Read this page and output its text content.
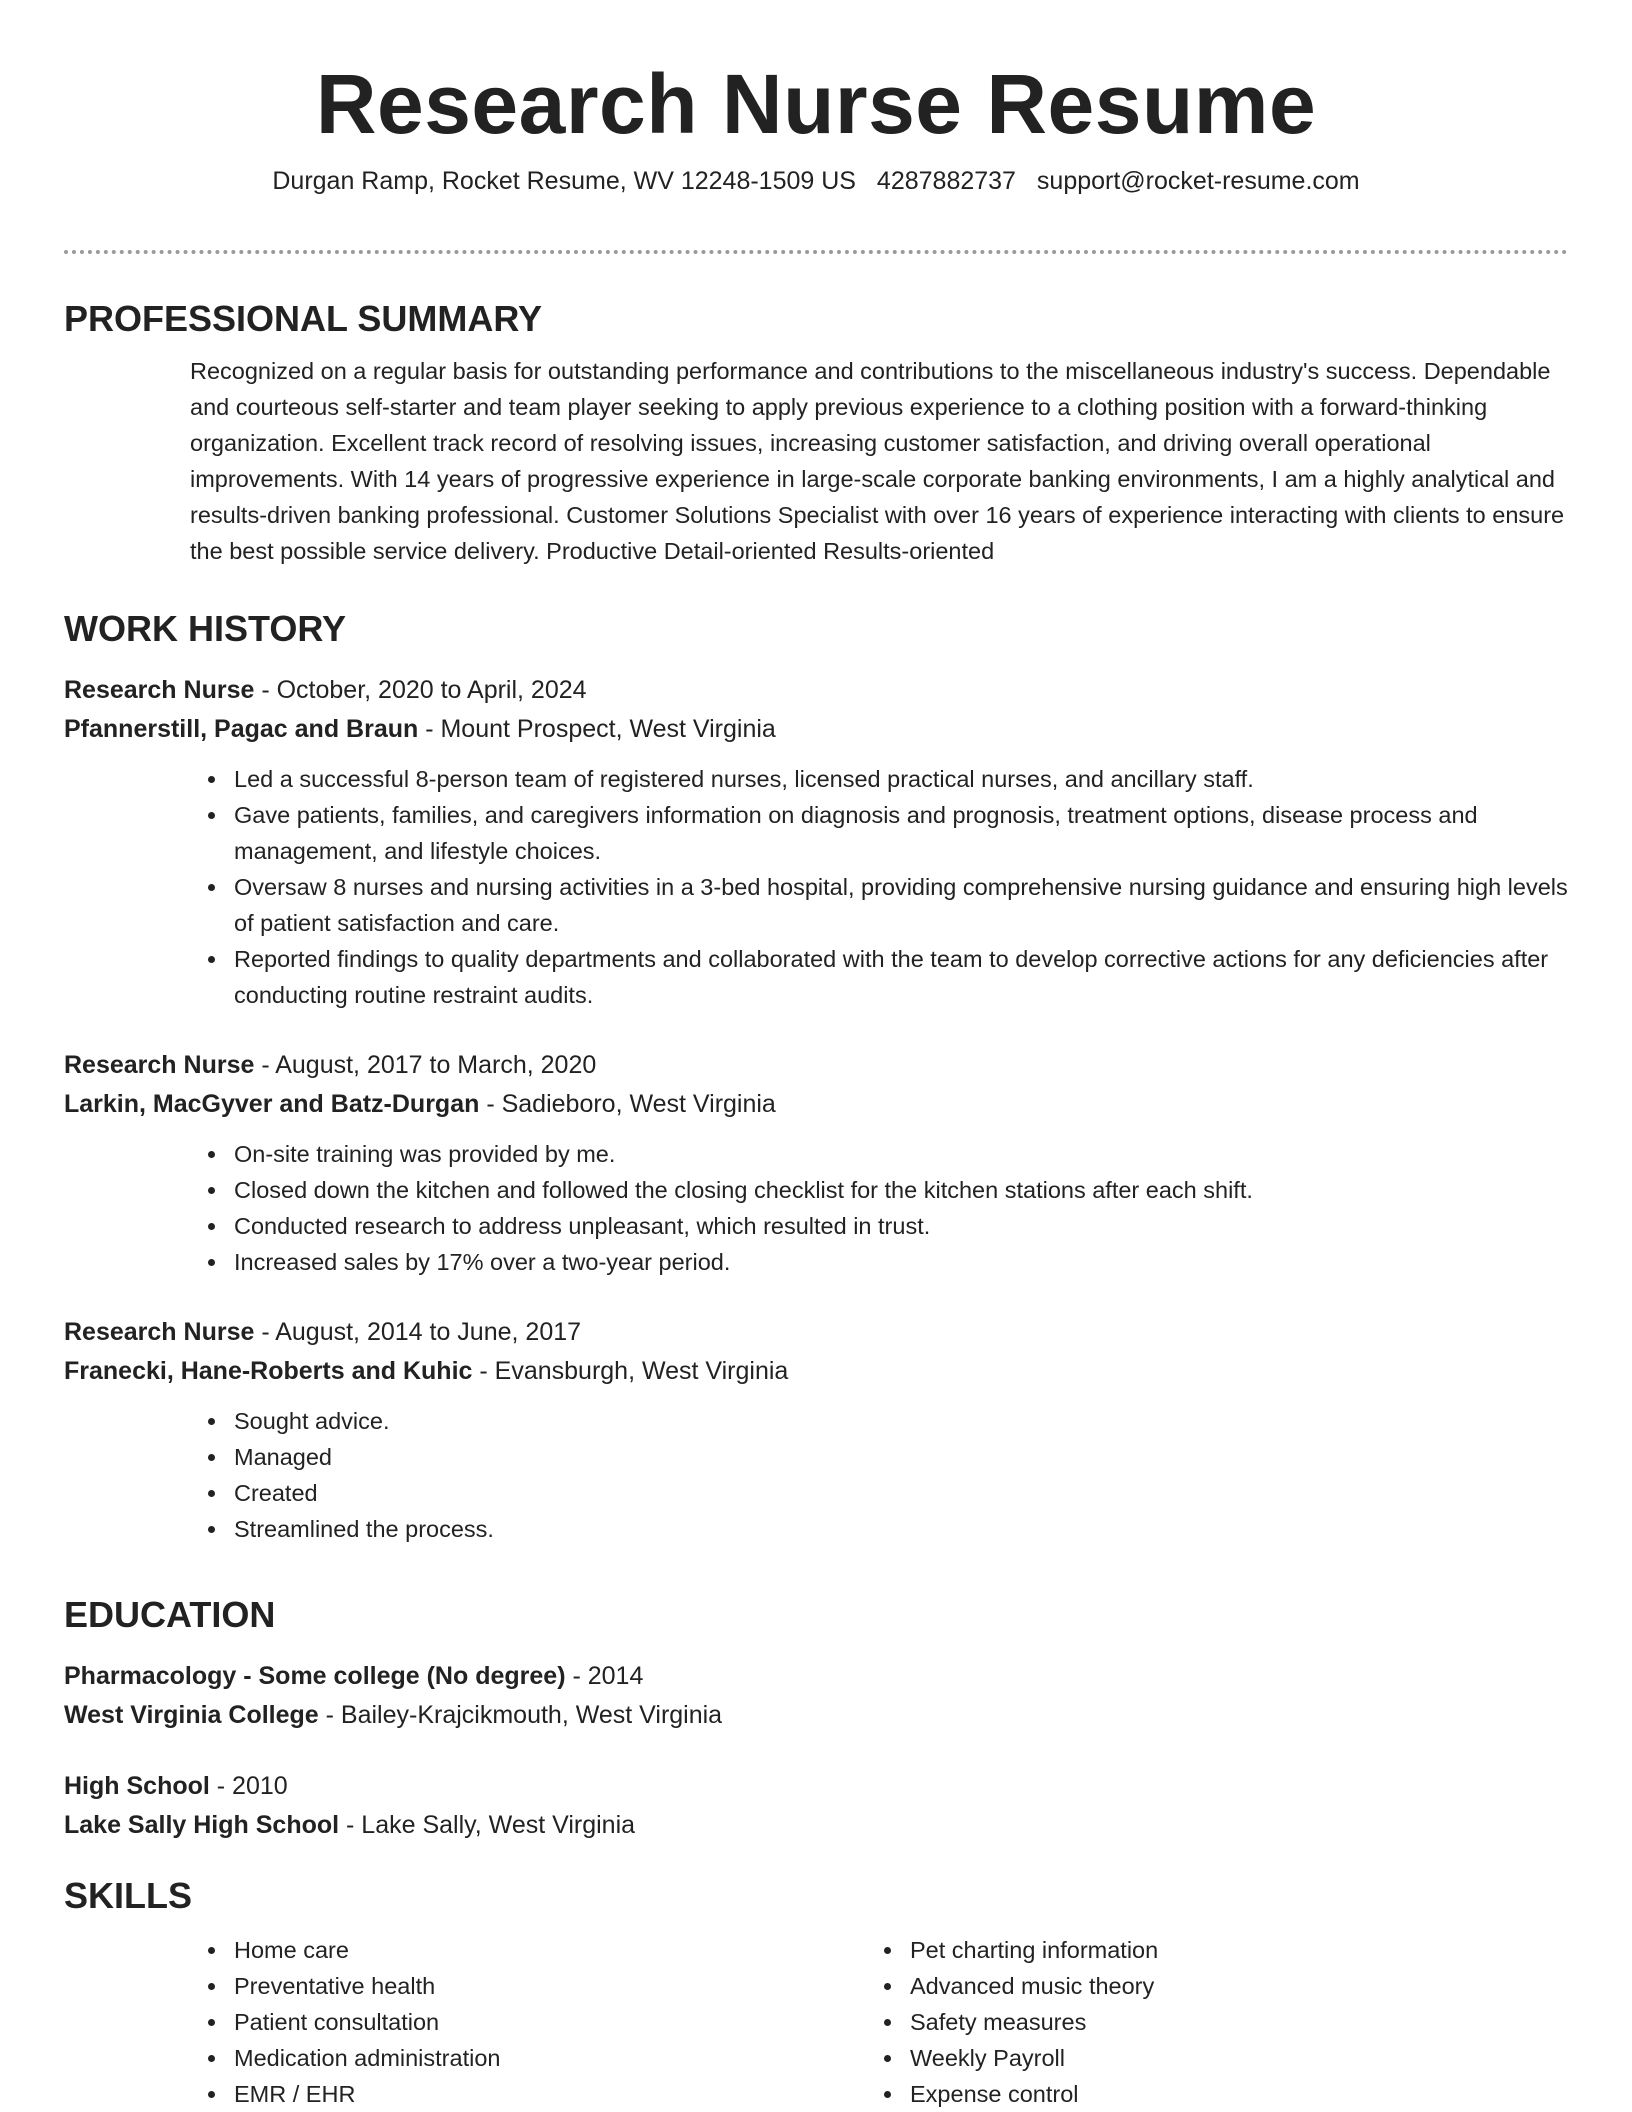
Research Nurse Resume
Durgan Ramp, Rocket Resume, WV 12248-1509 US 4287882737 support@rocket-resume.com
PROFESSIONAL SUMMARY

Recognized on a regular basis for outstanding performance and contributions to the miscellaneous industry's success. Dependable and courteous self-starter and team player seeking to apply previous experience to a clothing position with a forward-thinking organization. Excellent track record of resolving issues, increasing customer satisfaction, and driving overall operational improvements. With 14 years of progressive experience in large-scale corporate banking environments, I am a highly analytical and results-driven banking professional. Customer Solutions Specialist with over 16 years of experience interacting with clients to ensure the best possible service delivery. Productive Detail-oriented Results-oriented

WORK HISTORY

Research Nurse - October, 2020 to April, 2024

Pfannerstill, Pagac and Braun - Mount Prospect, West Virginia

Led a successful 8-person team of registered nurses, licensed practical nurses, and ancillary staff.
Gave patients, families, and caregivers information on diagnosis and prognosis, treatment options, disease process and management, and lifestyle choices.
Oversaw 8 nurses and nursing activities in a 3-bed hospital, providing comprehensive nursing guidance and ensuring high levels of patient satisfaction and care.
Reported findings to quality departments and collaborated with the team to develop corrective actions for any deficiencies after conducting routine restraint audits.

Research Nurse - August, 2017 to March, 2020

Larkin, MacGyver and Batz-Durgan - Sadieboro, West Virginia

On-site training was provided by me.
Closed down the kitchen and followed the closing checklist for the kitchen stations after each shift.
Conducted research to address unpleasant, which resulted in trust.
Increased sales by 17% over a two-year period.

Research Nurse - August, 2014 to June, 2017

Franecki, Hane-Roberts and Kuhic - Evansburgh, West Virginia

Sought advice.
Managed
Created
Streamlined the process.
EDUCATION

Pharmacology - Some college (No degree) - 2014

West Virginia College - Bailey-Krajcikmouth, West Virginia

High School - 2010

Lake Sally High School - Lake Sally, West Virginia

SKILLS
Home care
Preventative health
Patient consultation
Medication administration
EMR / EHR
Pet charting information
Advanced music theory
Safety measures
Weekly Payroll
Expense control
